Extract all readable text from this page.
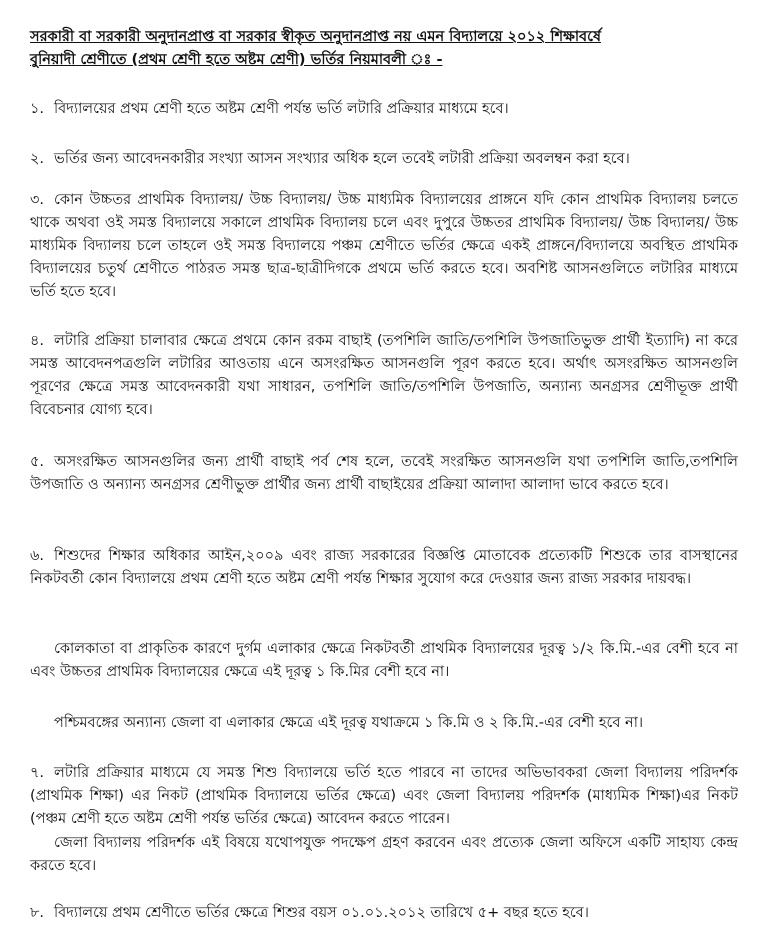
সরকারী বা সরকারী অনুদানপ্রাপ্ত বা সরকার স্বীকৃত অনুদানপ্রাপ্ত নয় এমন বিদ্যালয়ে ২০১২ শিক্ষাবর্ষে
বুনিয়াদী শ্রেণীতে (প্রথম শ্রেণী হতে অষ্টম শ্রেণী) ভর্তির নিয়মাবলী ঃ -
১. বিদ্যালয়ের প্রথম শ্রেণী হতে অষ্টম শ্রেণী পর্যন্ত ভর্তি লটারি প্রক্রিয়ার মাধ্যমে হবে।
২. ভর্তির জন্য আবেদনকারীর সংখ্যা আসন সংখ্যার অধিক হলে তবেই লটারী প্রক্রিয়া অবলম্বন করা হবে।
৩. কোন উচ্চতর প্রাথমিক বিদ্যালয়/ উচ্চ বিদ্যালয়/ উচ্চ মাধ্যমিক বিদ্যালয়ের প্রাঙ্গনে যদি কোন প্রাথমিক বিদ্যালয় চলতে থাকে অথবা ওই সমস্ত বিদ্যালয়ে সকালে প্রাথমিক বিদ্যালয় চলে এবং দুপুরে উচ্চতর প্রাথমিক বিদ্যালয়/ উচ্চ বিদ্যালয়/ উচ্চ মাধ্যমিক বিদ্যালয় চলে তাহলে ওই সমস্ত বিদ্যালয়ে পঞ্চম শ্রেণীতে ভর্তির ক্ষেত্রে একই প্রাঙ্গনে/বিদ্যালয়ে অবস্থিত প্রাথমিক বিদ্যালয়ের চতুর্থ শ্রেণীতে পাঠরত সমস্ত ছাত্র-ছাত্রীদিগকে প্রথমে ভর্তি করতে হবে। অবশিষ্ট আসনগুলিতে লটারির মাধ্যমে ভর্তি হতে হবে।
৪. লটারি প্রক্রিয়া চালাবার ক্ষেত্রে প্রথমে কোন রকম বাছাই (তপশিলি জাতি/তপশিলি উপজাতিভুক্ত প্রার্থী ইত্যাদি) না করে সমস্ত আবেদনপত্রগুলি লটারির আওতায় এনে অসংরক্ষিত আসনগুলি পূরণ করতে হবে। অর্থাৎ অসংরক্ষিত আসনগুলি পূরণের ক্ষেত্রে সমস্ত আবেদনকারী যথা সাধারন, তপশিলি জাতি/তপশিলি উপজাতি, অন্যান্য অনগ্রসর শ্রেণীভূক্ত প্রার্থী বিবেচনার যোগ্য হবে।
৫. অসংরক্ষিত আসনগুলির জন্য প্রার্থী বাছাই পর্ব শেষ হলে, তবেই সংরক্ষিত আসনগুলি যথা তপশিলি জাতি,তপশিলি উপজাতি ও অন্যান্য অনগ্রসর শ্রেণীভুক্ত প্রার্থীর জন্য প্রার্থী বাছাইয়ের প্রক্রিয়া আলাদা আলাদা ভাবে করতে হবে।
৬. শিশুদের শিক্ষার অধিকার আইন,২০০৯ এবং রাজ্য সরকারের বিজ্ঞপ্তি মোতাবেক প্রত্যেকটি শিশুকে তার বাসস্থানের নিকটবর্তী কোন বিদ্যালয়ে প্রথম শ্রেণী হতে অষ্টম শ্রেণী পর্যন্ত শিক্ষার সুযোগ করে দেওয়ার জন্য রাজ্য সরকার দায়বদ্ধ।
কোলকাতা বা প্রাকৃতিক কারণে দুর্গম এলাকার ক্ষেত্রে নিকটবর্তী প্রাথমিক বিদ্যালয়ের দূরত্ব ১/২ কি.মি.-এর বেশী হবে না এবং উচ্চতর প্রাথমিক বিদ্যালয়ের ক্ষেত্রে এই দূরত্ব ১ কি.মির বেশী হবে না।
পশ্চিমবঙ্গের অন্যান্য জেলা বা এলাকার ক্ষেত্রে এই দূরত্ব যথাক্রমে ১ কি.মি ও ২ কি.মি.-এর বেশী হবে না।
৭. লটারি প্রক্রিয়ার মাধ্যমে যে সমস্ত শিশু বিদ্যালয়ে ভর্তি হতে পারবে না তাদের অভিভাবকরা জেলা বিদ্যালয় পরিদর্শক (প্রাথমিক শিক্ষা) এর নিকট (প্রাথমিক বিদ্যালয়ে ভর্তির ক্ষেত্রে) এবং জেলা বিদ্যালয় পরিদর্শক (মাধ্যমিক শিক্ষা)এর নিকট (পঞ্চম শ্রেণী হতে অষ্টম শ্রেণী পর্যন্ত ভর্তির ক্ষেত্রে) আবেদন করতে পারেন।
জেলা বিদ্যালয় পরিদর্শক এই বিষয়ে যথোপযুক্ত পদক্ষেপ গ্রহণ করবেন এবং প্রত্যেক জেলা অফিসে একটি সাহায্য কেন্দ্র করতে হবে।
৮. বিদ্যালয়ে প্রথম শ্রেণীতে ভর্তির ক্ষেত্রে শিশুর বয়স ০১.০১.২০১২ তারিখে ৫+ বছর হতে হবে।
